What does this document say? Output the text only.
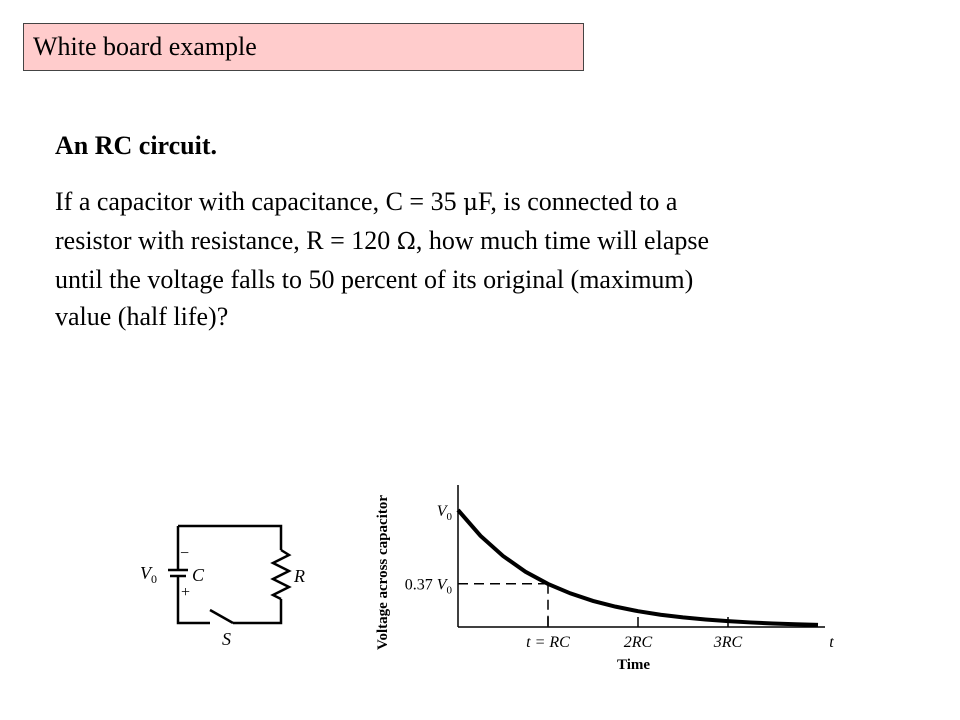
White board example
An RC circuit.
If a capacitor with capacitance, C = 35 μF, is connected to a
resistor with resistance, R = 120 Ω, how much time will elapse
until the voltage falls to 50 percent of its original (maximum)
value (half life)?
$V_0$ C
−
+
R
S	Voltage across capacitor
Time
$V_0$
0.37 $V_0$
t = RC	2RC	3RC	t
